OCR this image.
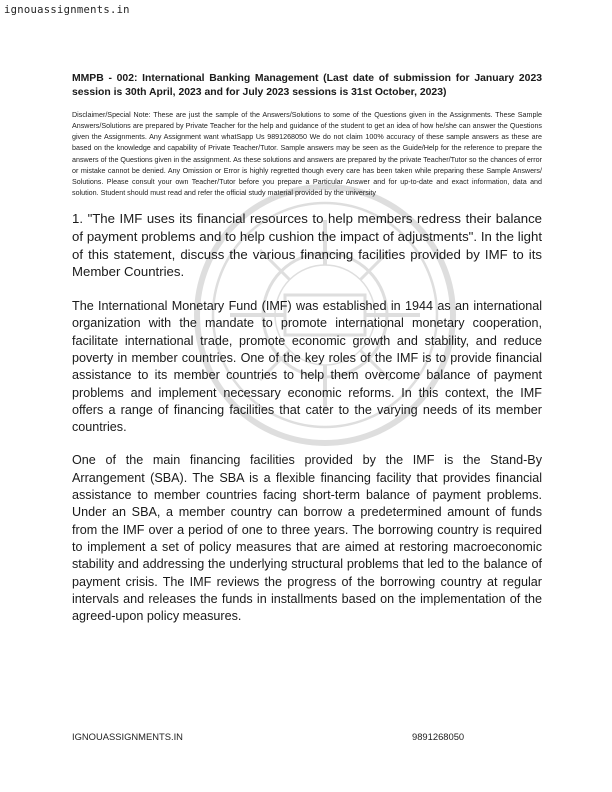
ignouassignments.in

MMPB - 002: International Banking Management (Last date of submission for January 2023 session is 30th April, 2023 and for July 2023 sessions is 31st October, 2023)

Disclaimer/Special Note: These are just the sample of the Answers/Solutions to some of the Questions given in the Assignments. These Sample Answers/Solutions are prepared by Private Teacher for the help and guidance of the student to get an idea of how he/she can answer the Questions given the Assignments. Any Assignment want whatSapp Us 9891268050 We do not claim 100% accuracy of these sample answers as these are based on the knowledge and capability of Private Teacher/Tutor. Sample answers may be seen as the Guide/Help for the reference to prepare the answers of the Questions given in the assignment. As these solutions and answers are prepared by the private Teacher/Tutor so the chances of error or mistake cannot be denied. Any Omission or Error is highly regretted though every care has been taken while preparing these Sample Answers/ Solutions. Please consult your own Teacher/Tutor before you prepare a Particular Answer and for up-to-date and exact information, data and solution. Student should must read and refer the official study material provided by the university

1. "The IMF uses its financial resources to help members redress their balance of payment problems and to help cushion the impact of adjustments". In the light of this statement, discuss the various financing facilities provided by IMF to its Member Countries.

The International Monetary Fund (IMF) was established in 1944 as an international organization with the mandate to promote international monetary cooperation, facilitate international trade, promote economic growth and stability, and reduce poverty in member countries. One of the key roles of the IMF is to provide financial assistance to its member countries to help them overcome balance of payment problems and implement necessary economic reforms. In this context, the IMF offers a range of financing facilities that cater to the varying needs of its member countries.

One of the main financing facilities provided by the IMF is the Stand-By Arrangement (SBA). The SBA is a flexible financing facility that provides financial assistance to member countries facing short-term balance of payment problems. Under an SBA, a member country can borrow a predetermined amount of funds from the IMF over a period of one to three years. The borrowing country is required to implement a set of policy measures that are aimed at restoring macroeconomic stability and addressing the underlying structural problems that led to the balance of payment crisis. The IMF reviews the progress of the borrowing country at regular intervals and releases the funds in installments based on the implementation of the agreed-upon policy measures.

IGNOUASSIGNMENTS.IN	9891268050
